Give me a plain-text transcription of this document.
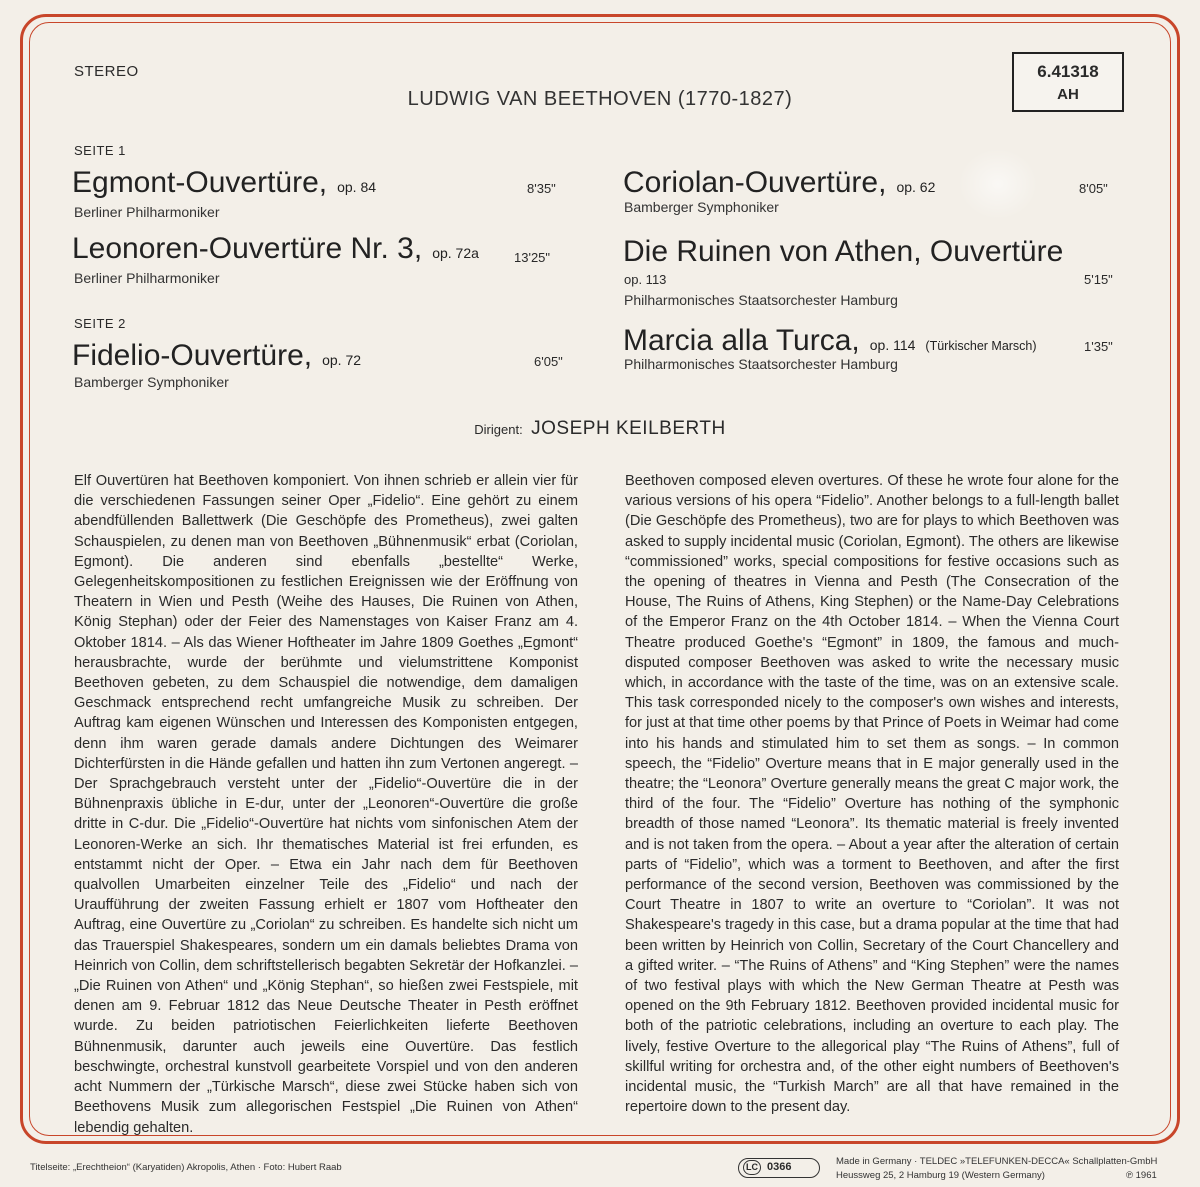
STEREO	6.41318
AH
LUDWIG VAN BEETHOVEN (1770-1827)
SEITE 1
Egmont-Ouvertüre, op. 84	8'35"
Berliner Philharmoniker
Leonoren-Ouvertüre Nr. 3, op. 72a	13'25"
Berliner Philharmoniker
SEITE 2
Fidelio-Ouvertüre, op. 72	6'05"
Bamberger Symphoniker
Coriolan-Ouvertüre, op. 62	8'05"
Bamberger Symphoniker
Die Ruinen von Athen, Ouvertüre
op. 113	5'15"
Philharmonisches Staatsorchester Hamburg
Marcia alla Turca, op. 114 (Türkischer Marsch)	1'35"
Philharmonisches Staatsorchester Hamburg
Dirigent: JOSEPH KEILBERTH
Elf Ouvertüren hat Beethoven komponiert. Von ihnen schrieb er allein vier für die verschiedenen Fassungen seiner Oper „Fidelio“. Eine gehört zu einem abendfüllenden Ballettwerk (Die Geschöpfe des Prometheus), zwei galten Schauspielen, zu denen man von Beethoven „Bühnenmusik“ erbat (Coriolan, Egmont). Die anderen sind ebenfalls „bestellte“ Werke, Gelegenheitskompositionen zu festlichen Ereignissen wie der Eröffnung von Theatern in Wien und Pesth (Weihe des Hauses, Die Ruinen von Athen, König Stephan) oder der Feier des Namenstages von Kaiser Franz am 4. Oktober 1814. – Als das Wiener Hoftheater im Jahre 1809 Goethes „Egmont“ herausbrachte, wurde der berühmte und vielumstrittene Komponist Beethoven gebeten, zu dem Schauspiel die notwendige, dem damaligen Geschmack entsprechend recht umfangreiche Musik zu schreiben. Der Auftrag kam eigenen Wünschen und Interessen des Komponisten entgegen, denn ihm waren gerade damals andere Dichtungen des Weimarer Dichterfürsten in die Hände gefallen und hatten ihn zum Vertonen angeregt. – Der Sprachgebrauch versteht unter der „Fidelio“-Ouvertüre die in der Bühnenpraxis übliche in E-dur, unter der „Leonoren“-Ouvertüre die große dritte in C-dur. Die „Fidelio“-Ouvertüre hat nichts vom sinfonischen Atem der Leonoren-Werke an sich. Ihr thematisches Material ist frei erfunden, es entstammt nicht der Oper. – Etwa ein Jahr nach dem für Beethoven qualvollen Umarbeiten einzelner Teile des „Fidelio“ und nach der Uraufführung der zweiten Fassung erhielt er 1807 vom Hoftheater den Auftrag, eine Ouvertüre zu „Coriolan“ zu schreiben. Es handelte sich nicht um das Trauerspiel Shakespeares, sondern um ein damals beliebtes Drama von Heinrich von Collin, dem schriftstellerisch begabten Sekretär der Hofkanzlei. – „Die Ruinen von Athen“ und „König Stephan“, so hießen zwei Festspiele, mit denen am 9. Februar 1812 das Neue Deutsche Theater in Pesth eröffnet wurde. Zu beiden patriotischen Feierlichkeiten lieferte Beethoven Bühnenmusik, darunter auch jeweils eine Ouvertüre. Das festlich beschwingte, orchestral kunstvoll gearbeitete Vorspiel und von den anderen acht Nummern der „Türkische Marsch“, diese zwei Stücke haben sich von Beethovens Musik zum allegorischen Festspiel „Die Ruinen von Athen“ lebendig gehalten.
Beethoven composed eleven overtures. Of these he wrote four alone for the various versions of his opera “Fidelio”. Another belongs to a full-length ballet (Die Geschöpfe des Prometheus), two are for plays to which Beethoven was asked to supply incidental music (Coriolan, Egmont). The others are likewise “commissioned” works, special compositions for festive occasions such as the opening of theatres in Vienna and Pesth (The Consecration of the House, The Ruins of Athens, King Stephen) or the Name-Day Celebrations of the Emperor Franz on the 4th October 1814. – When the Vienna Court Theatre produced Goethe's “Egmont” in 1809, the famous and much-disputed composer Beethoven was asked to write the necessary music which, in accordance with the taste of the time, was on an extensive scale. This task corresponded nicely to the composer's own wishes and interests, for just at that time other poems by that Prince of Poets in Weimar had come into his hands and stimulated him to set them as songs. – In common speech, the “Fidelio” Overture means that in E major generally used in the theatre; the “Leonora” Overture generally means the great C major work, the third of the four. The “Fidelio” Overture has nothing of the symphonic breadth of those named “Leonora”. Its thematic material is freely invented and is not taken from the opera. – About a year after the alteration of certain parts of “Fidelio”, which was a torment to Beethoven, and after the first performance of the second version, Beethoven was commissioned by the Court Theatre in 1807 to write an overture to “Coriolan”. It was not Shakespeare's tragedy in this case, but a drama popular at the time that had been written by Heinrich von Collin, Secretary of the Court Chancellery and a gifted writer. – “The Ruins of Athens” and “King Stephen” were the names of two festival plays with which the New German Theatre at Pesth was opened on the 9th February 1812. Beethoven provided incidental music for both of the patriotic celebrations, including an overture to each play. The lively, festive Overture to the allegorical play “The Ruins of Athens”, full of skillful writing for orchestra and, of the other eight numbers of Beethoven's incidental music, the “Turkish March” are all that have remained in the repertoire down to the present day.
Titelseite: „Erechtheion“ (Karyatiden) Akropolis, Athen · Foto: Hubert Raab	LC 0366	Made in Germany · TELDEC »TELEFUNKEN-DECCA« Schallplatten-GmbH
Heussweg 25, 2 Hamburg 19 (Western Germany)	℗ 1961
